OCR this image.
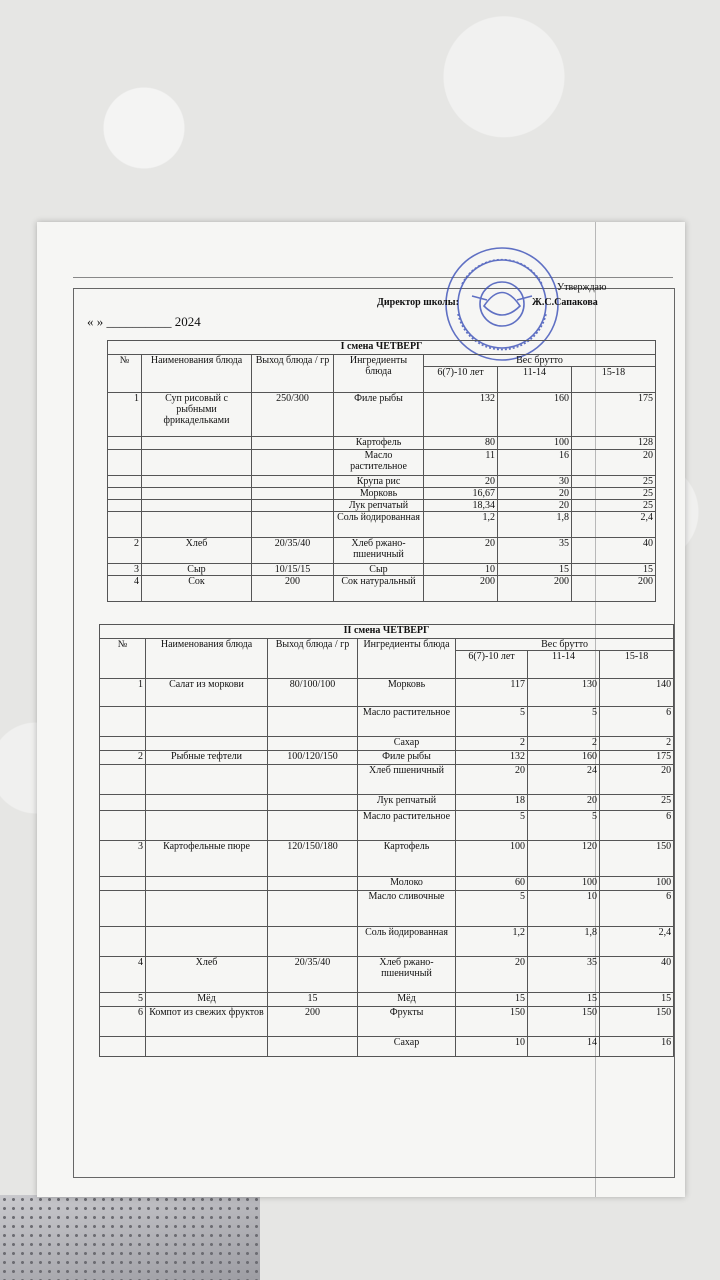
Утверждаю
Директор школы:	Ж.С.Сапакова
« » __________ 2024
I смена ЧЕТВЕРГ						
№	Наименования блюда	Выход блюда / гр	Ингредиенты блюда	Вес брутто		
				6(7)-10 лет	11-14	15-18
1	Суп рисовый с рыбными фрикадельками	250/300	Филе рыбы	132	160	175
			Картофель	80	100	128
			Масло растительное	11	16	20
			Крупа рис	20	30	25
			Морковь	16,67	20	25
			Лук репчатый	18,34	20	25
			Соль йодированная	1,2	1,8	2,4
2	Хлеб	20/35/40	Хлеб ржано-пшеничный	20	35	40
3	Сыр	10/15/15	Сыр	10	15	15
4	Сок	200	Сок натуральный	200	200	200
II смена ЧЕТВЕРГ						
№	Наименования блюда	Выход блюда / гр	Ингредиенты блюда	Вес брутто		
				6(7)-10 лет	11-14	15-18
1	Салат из моркови	80/100/100	Морковь	117	130	140
			Масло растительное	5	5	6
			Сахар	2	2	2
2	Рыбные тефтели	100/120/150	Филе рыбы	132	160	175
			Хлеб пшеничный	20	24	20
			Лук репчатый	18	20	25
			Масло растительное	5	5	6
3	Картофельные пюре	120/150/180	Картофель	100	120	150
			Молоко	60	100	100
			Масло сливочные	5	10	6
			Соль йодированная	1,2	1,8	2,4
4	Хлеб	20/35/40	Хлеб ржано-пшеничный	20	35	40
5	Мёд	15	Мёд	15	15	15
6	Компот из свежих фруктов	200	Фрукты	150	150	150
			Сахар	10	14	16
